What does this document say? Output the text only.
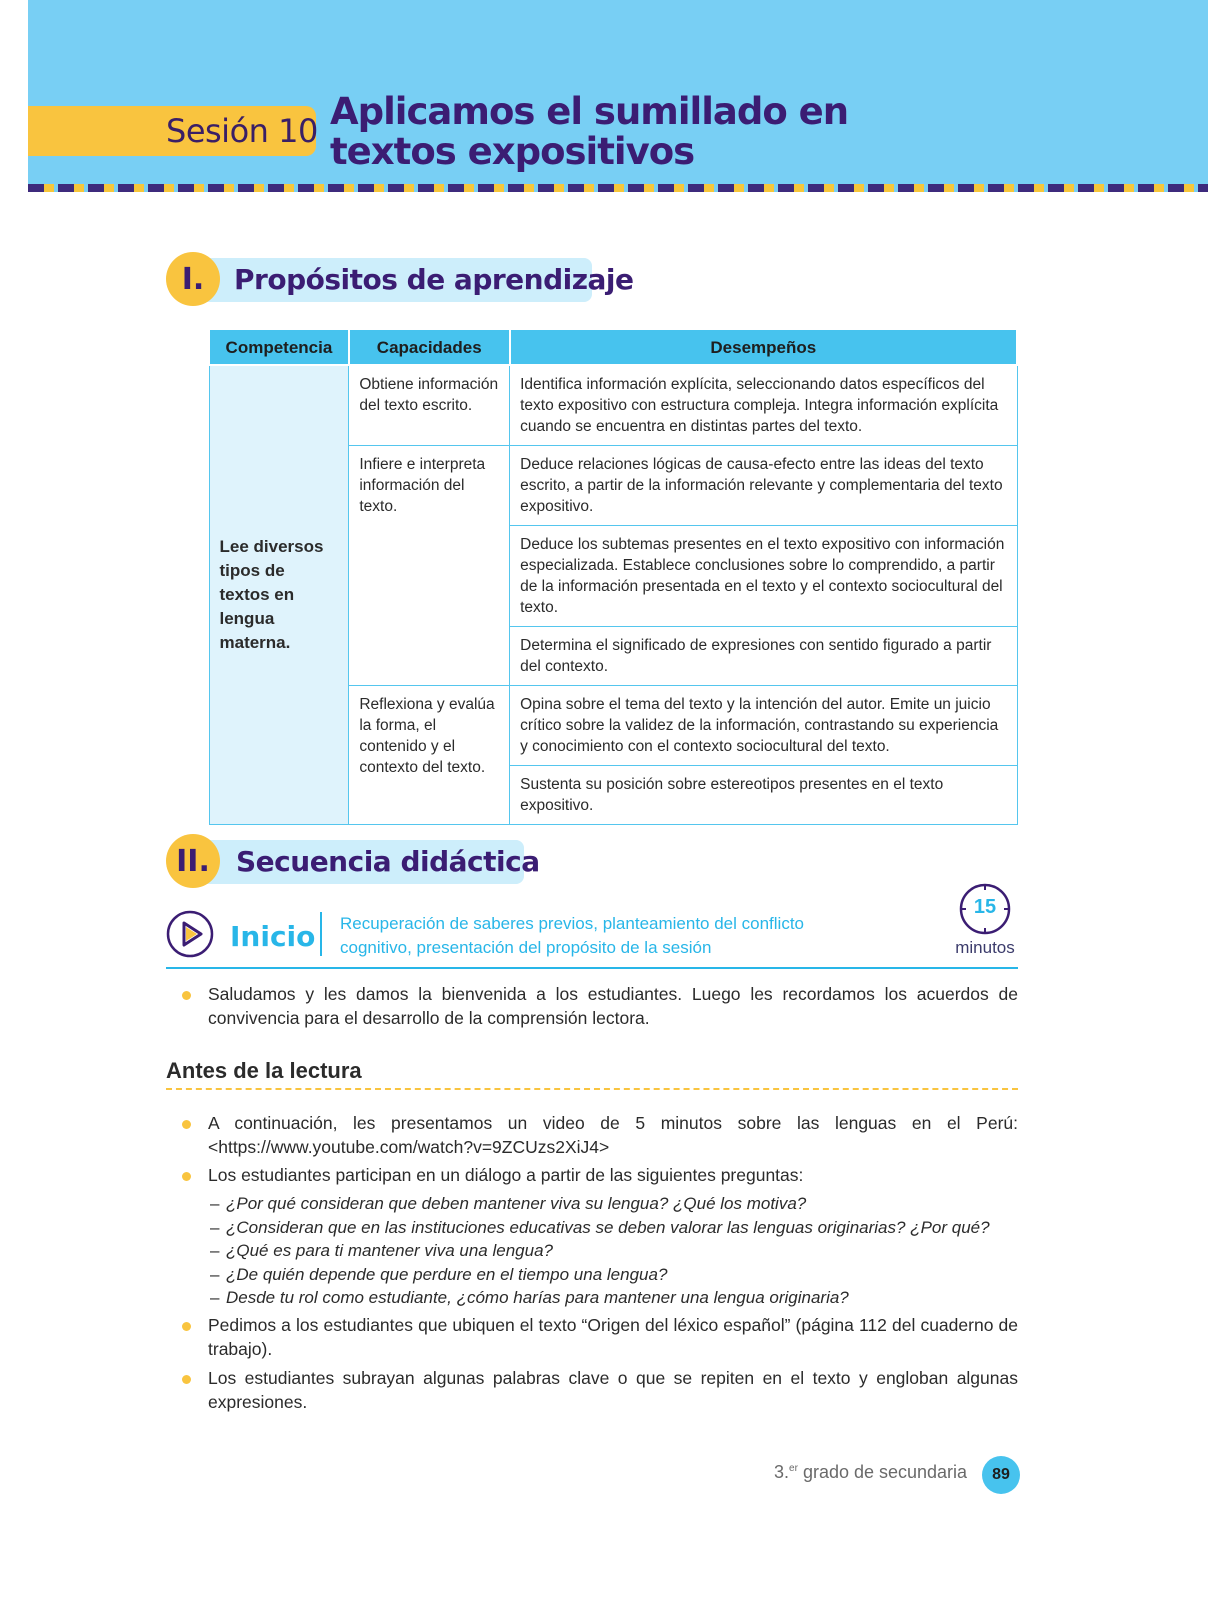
Sesión 10 Aplicamos el sumillado en textos expositivos
I.	Propósitos de aprendizaje
Competencia	Capacidades	Desempeños
Lee diversos tipos de textos en lengua materna.	Obtiene información del texto escrito.	Identifica información explícita, seleccionando datos específicos del texto expositivo con estructura compleja. Integra información explícita cuando se encuentra en distintas partes del texto.
	Infiere e interpreta información del texto.	Deduce relaciones lógicas de causa-efecto entre las ideas del texto escrito, a partir de la información relevante y complementaria del texto expositivo.
		Deduce los subtemas presentes en el texto expositivo con información especializada. Establece conclusiones sobre lo comprendido, a partir de la información presentada en el texto y el contexto sociocultural del texto.
		Determina el significado de expresiones con sentido figurado a partir del contexto.
	Reflexiona y evalúa la forma, el contenido y el contexto del texto.	Opina sobre el tema del texto y la intención del autor. Emite un juicio crítico sobre la validez de la información, contrastando su experiencia y conocimiento con el contexto sociocultural del texto.
		Sustenta su posición sobre estereotipos presentes en el texto expositivo.
II. Secuencia didáctica
Inicio Recuperación de saberes previos, planteamiento del conflicto cognitivo, presentación del propósito de la sesión
15
minutos
Saludamos y les damos la bienvenida a los estudiantes. Luego les recordamos los acuerdos de convivencia para el desarrollo de la comprensión lectora.
Antes de la lectura
A continuación, les presentamos un video de 5 minutos sobre las lenguas en el Perú: <https://www.youtube.com/watch?v=9ZCUzs2XiJ4>
Los estudiantes participan en un diálogo a partir de las siguientes preguntas:
– ¿Por qué consideran que deben mantener viva su lengua? ¿Qué los motiva?
– ¿Consideran que en las instituciones educativas se deben valorar las lenguas originarias? ¿Por qué?
– ¿Qué es para ti mantener viva una lengua?
– ¿De quién depende que perdure en el tiempo una lengua?
– Desde tu rol como estudiante, ¿cómo harías para mantener una lengua originaria?
Pedimos a los estudiantes que ubiquen el texto “Origen del léxico español” (página 112 del cuaderno de trabajo).
Los estudiantes subrayan algunas palabras clave o que se repiten en el texto y engloban algunas expresiones.
3.$^{er}$ grado de secundaria	89
